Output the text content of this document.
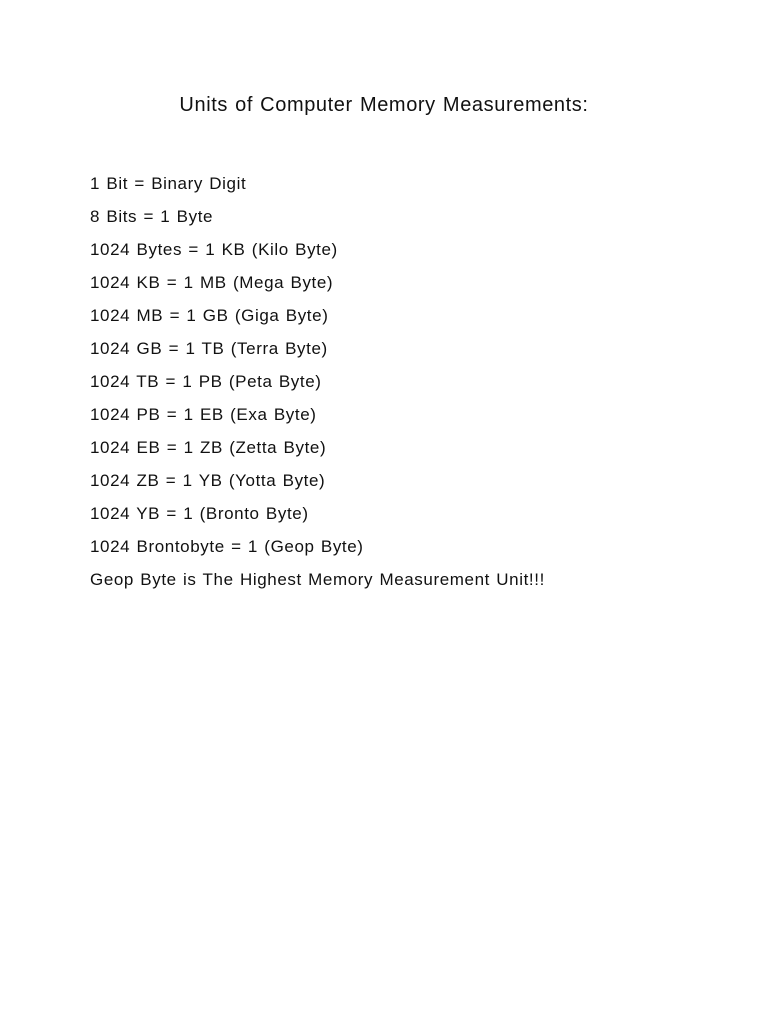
Units of Computer Memory Measurements:
1 Bit = Binary Digit
8 Bits = 1 Byte
1024 Bytes = 1 KB (Kilo Byte)
1024 KB = 1 MB (Mega Byte)
1024 MB = 1 GB (Giga Byte)
1024 GB = 1 TB (Terra Byte)
1024 TB = 1 PB (Peta Byte)
1024 PB = 1 EB (Exa Byte)
1024 EB = 1 ZB (Zetta Byte)
1024 ZB = 1 YB (Yotta Byte)
1024 YB = 1 (Bronto Byte)
1024 Brontobyte = 1 (Geop Byte)
Geop Byte is The Highest Memory Measurement Unit!!!
